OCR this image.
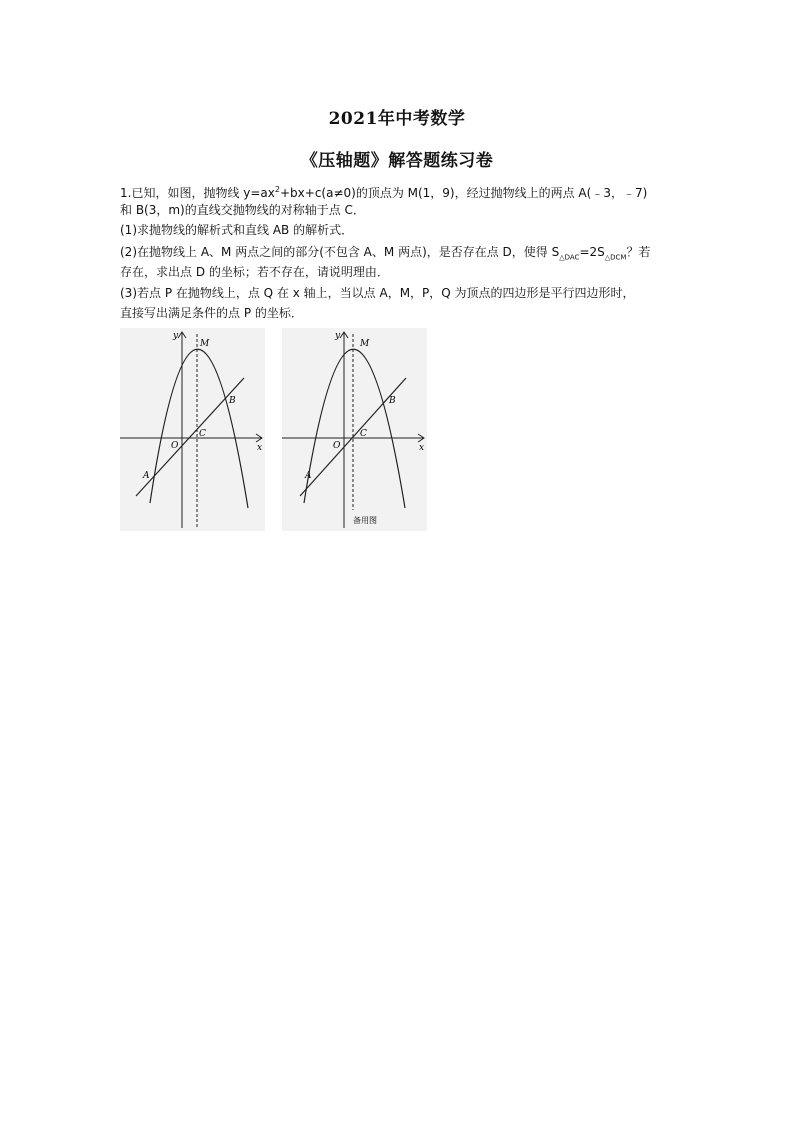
2021年中考数学
《压轴题》解答题练习卷
1.已知，如图，抛物线 $y=ax^2+bx+c(a\ne 0)$的顶点为 M(1，9)，经过抛物线上的两点 A(﹣3，﹣7)
和 B(3，m)的直线交抛物线的对称轴于点 C．
(1)求抛物线的解析式和直线 AB 的解析式．
(2)在抛物线上 A、M 两点之间的部分(不包含 A、M 两点)，是否存在点 D，使得 $S_{\triangle DAC}=2S_{\triangle DCM}$？若
存在，求出点 D 的坐标；若不存在，请说明理由．
(3)若点 P 在抛物线上，点 Q 在 x 轴上，当以点 A，M，P，Q 为顶点的四边形是平行四边形时，
直接写出满足条件的点 P 的坐标．
y
x
M
B
C
O
A
y
x
M
B
C
O
A
备用图
